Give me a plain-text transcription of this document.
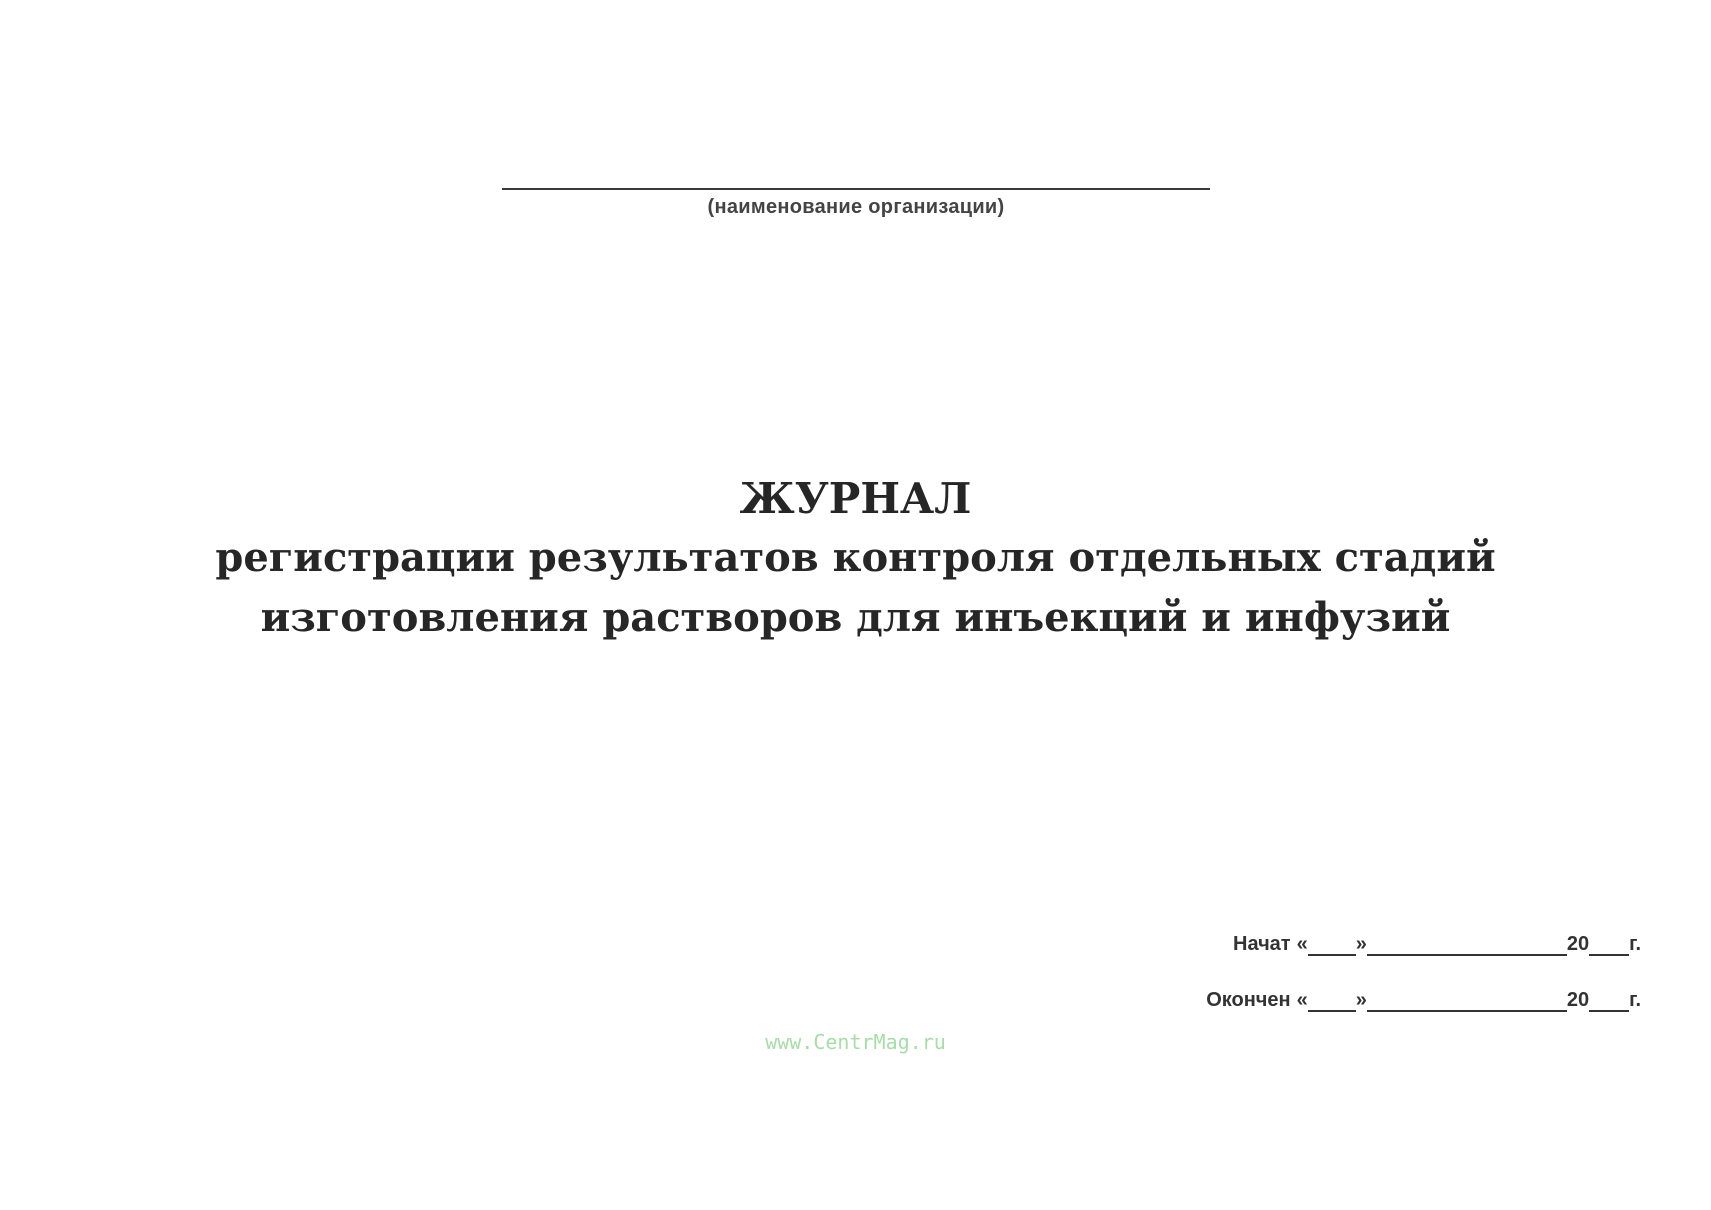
(наименование организации)
ЖУРНАЛ
регистрации результатов контроля отдельных стадий
изготовления растворов для инъекций и инфузий
Начат « »	20 г.
Окончен « »	20 г.
www.CentrMag.ru
